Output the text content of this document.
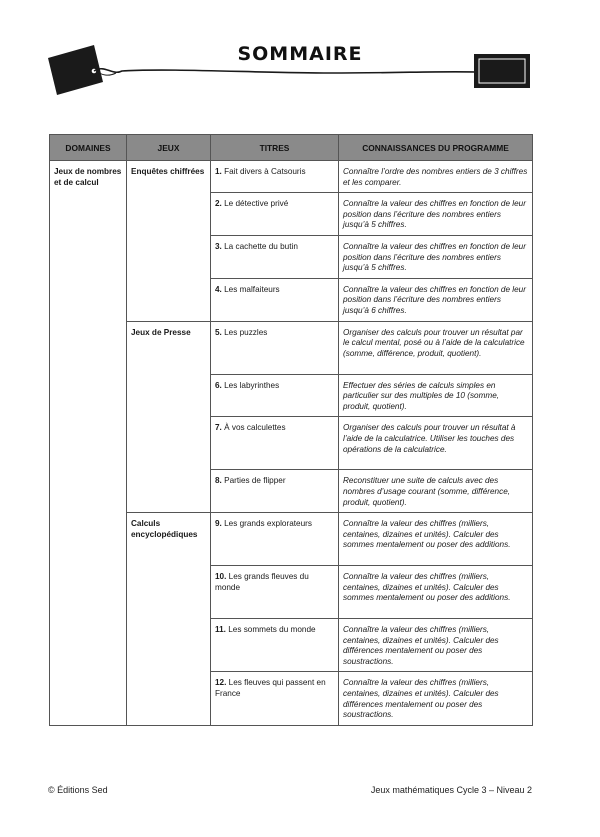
SOMMAIRE
DOMAINES	JEUX	TITRES	CONNAISSANCES DU PROGRAMME
Jeux de nombres et de calcul	Enquêtes chiffrées	1. Fait divers à Catsouris	Connaître l’ordre des nombres entiers de 3 chiffres et les comparer.
		2. Le détective privé	Connaître la valeur des chiffres en fonction de leur position dans l’écriture des nombres entiers jusqu’à 5 chiffres.
		3. La cachette du butin	Connaître la valeur des chiffres en fonction de leur position dans l’écriture des nombres entiers jusqu’à 5 chiffres.
		4. Les malfaiteurs	Connaître la valeur des chiffres en fonction de leur position dans l’écriture des nombres entiers jusqu’à 6 chiffres.
	Jeux de Presse	5. Les puzzles	Organiser des calculs pour trouver un résultat par le calcul mental, posé ou à l’aide de la calculatrice (somme, différence, produit, quotient).
		6. Les labyrinthes	Effectuer des séries de calculs simples en particulier sur des multiples de 10 (somme, produit, quotient).
		7. À vos calculettes	Organiser des calculs pour trouver un résultat à l’aide de la calculatrice. Utiliser les touches des opérations de la calculatrice.
		8. Parties de flipper	Reconstituer une suite de calculs avec des nombres d’usage courant (somme, différence, produit, quotient).
	Calculs encyclopédiques	9. Les grands explorateurs	Connaître la valeur des chiffres (milliers, centaines, dizaines et unités). Calculer des sommes mentalement ou poser des additions.
		10. Les grands fleuves du monde	Connaître la valeur des chiffres (milliers, centaines, dizaines et unités). Calculer des sommes mentalement ou poser des additions.
		11. Les sommets du monde	Connaître la valeur des chiffres (milliers, centaines, dizaines et unités). Calculer des différences mentalement ou poser des soustractions.
		12. Les fleuves qui passent en France	Connaître la valeur des chiffres (milliers, centaines, dizaines et unités). Calculer des différences mentalement ou poser des soustractions.
© Éditions Sed	Jeux mathématiques Cycle 3 – Niveau 2
